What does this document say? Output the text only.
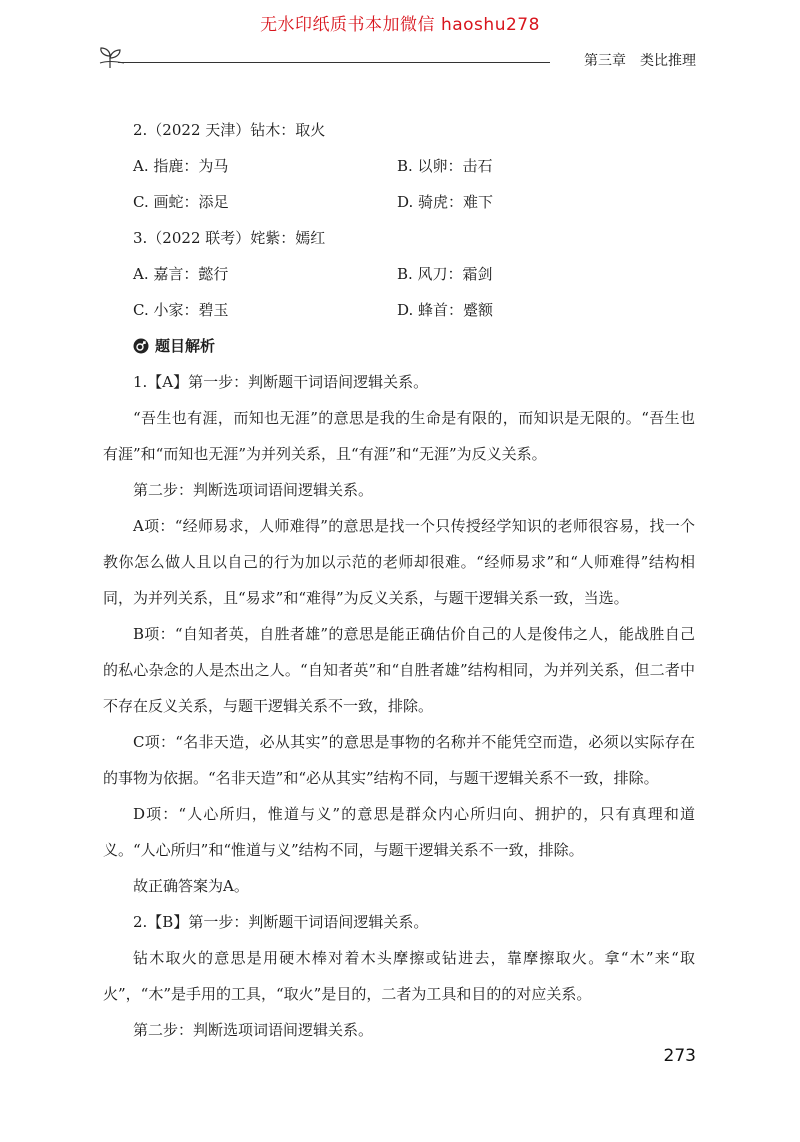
无水印纸质书本加微信 haoshu278
第三章 类比推理
2.（2022 天津）钻木：取火
A. 指鹿：为马	B. 以卵：击石
C. 画蛇：添足	D. 骑虎：难下
3.（2022 联考）姹紫：嫣红
A. 嘉言：懿行	B. 风刀：霜剑
C. 小家：碧玉	D. 蜂首：蹙额
题目解析
1.【A】第一步：判断题干词语间逻辑关系。
“吾生也有涯，而知也无涯”的意思是我的生命是有限的，而知识是无限的。“吾生也有涯”和“而知也无涯”为并列关系，且“有涯”和“无涯”为反义关系。
第二步：判断选项词语间逻辑关系。
A项：“经师易求，人师难得”的意思是找一个只传授经学知识的老师很容易，找一个教你怎么做人且以自己的行为加以示范的老师却很难。“经师易求”和“人师难得”结构相同，为并列关系，且“易求”和“难得”为反义关系，与题干逻辑关系一致，当选。
B项：“自知者英，自胜者雄”的意思是能正确估价自己的人是俊伟之人，能战胜自己的私心杂念的人是杰出之人。“自知者英”和“自胜者雄”结构相同，为并列关系，但二者中不存在反义关系，与题干逻辑关系不一致，排除。
C项：“名非天造，必从其实”的意思是事物的名称并不能凭空而造，必须以实际存在的事物为依据。“名非天造”和“必从其实”结构不同，与题干逻辑关系不一致，排除。
D项：“人心所归，惟道与义”的意思是群众内心所归向、拥护的，只有真理和道义。“人心所归”和“惟道与义”结构不同，与题干逻辑关系不一致，排除。
故正确答案为A。
2.【B】第一步：判断题干词语间逻辑关系。
钻木取火的意思是用硬木棒对着木头摩擦或钻进去，靠摩擦取火。拿“木”来“取火”，“木”是手用的工具，“取火”是目的，二者为工具和目的的对应关系。
第二步：判断选项词语间逻辑关系。
273
